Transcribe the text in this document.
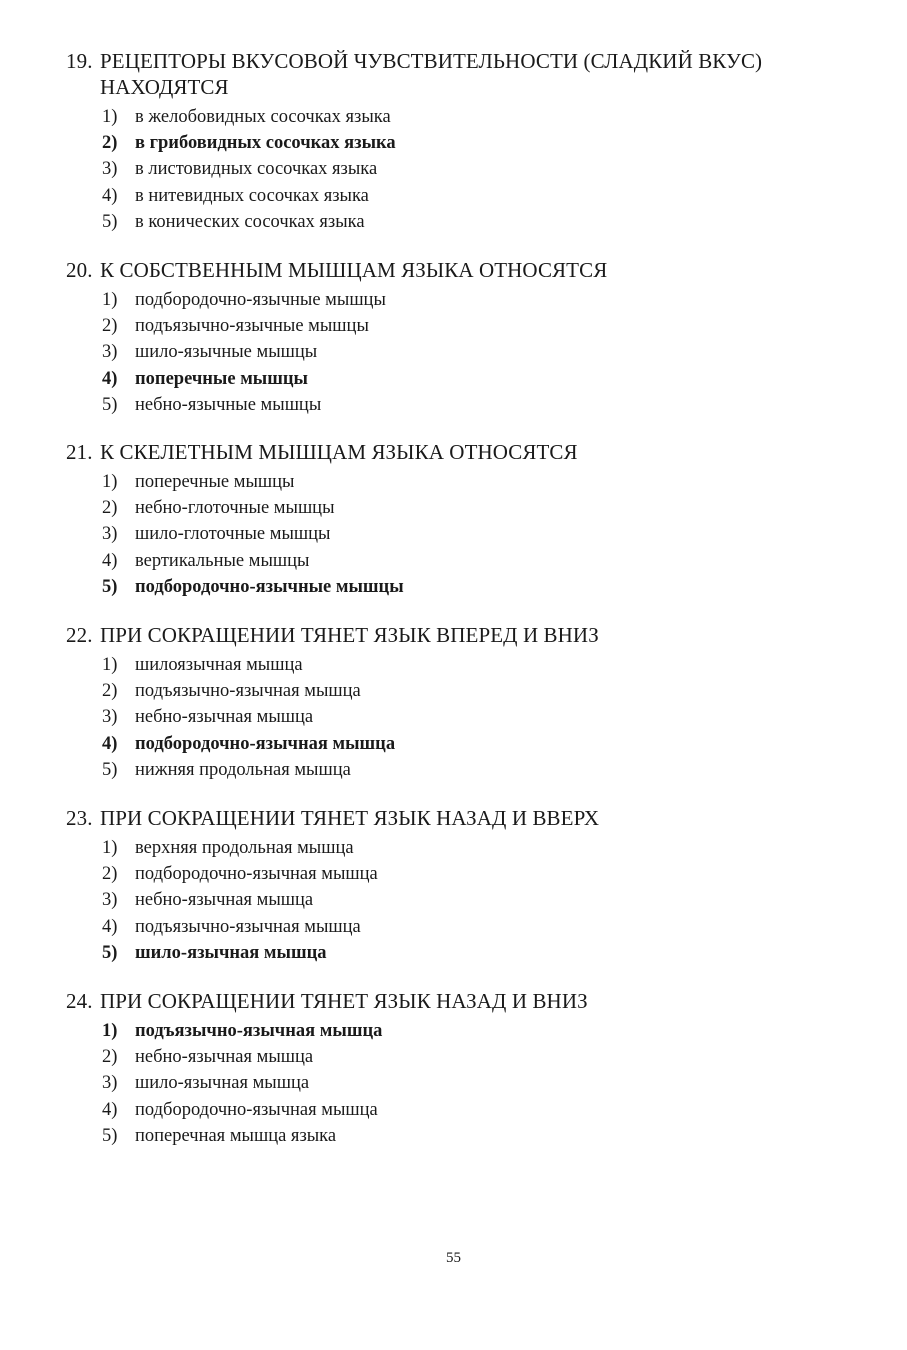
19. РЕЦЕПТОРЫ ВКУСОВОЙ ЧУВСТВИТЕЛЬНОСТИ (СЛАДКИЙ ВКУС) НАХОДЯТСЯ
1) в желобовидных сосочках языка
2) в грибовидных сосочках языка
3) в листовидных сосочках языка
4) в нитевидных сосочках языка
5) в конических сосочках языка
20. К СОБСТВЕННЫМ МЫШЦАМ ЯЗЫКА ОТНОСЯТСЯ
1) подбородочно-язычные мышцы
2) подъязычно-язычные мышцы
3) шило-язычные мышцы
4) поперечные мышцы
5) небно-язычные мышцы
21. К СКЕЛЕТНЫМ МЫШЦАМ ЯЗЫКА ОТНОСЯТСЯ
1) поперечные мышцы
2) небно-глоточные мышцы
3) шило-глоточные мышцы
4) вертикальные мышцы
5) подбородочно-язычные мышцы
22. ПРИ СОКРАЩЕНИИ ТЯНЕТ ЯЗЫК ВПЕРЕД И ВНИЗ
1) шилоязычная мышца
2) подъязычно-язычная мышца
3) небно-язычная мышца
4) подбородочно-язычная мышца
5) нижняя продольная мышца
23. ПРИ СОКРАЩЕНИИ ТЯНЕТ ЯЗЫК НАЗАД И ВВЕРХ
1) верхняя продольная мышца
2) подбородочно-язычная мышца
3) небно-язычная мышца
4) подъязычно-язычная мышца
5) шило-язычная мышца
24. ПРИ СОКРАЩЕНИИ ТЯНЕТ ЯЗЫК НАЗАД И ВНИЗ
1) подъязычно-язычная мышца
2) небно-язычная мышца
3) шило-язычная мышца
4) подбородочно-язычная мышца
5) поперечная мышца языка
55
